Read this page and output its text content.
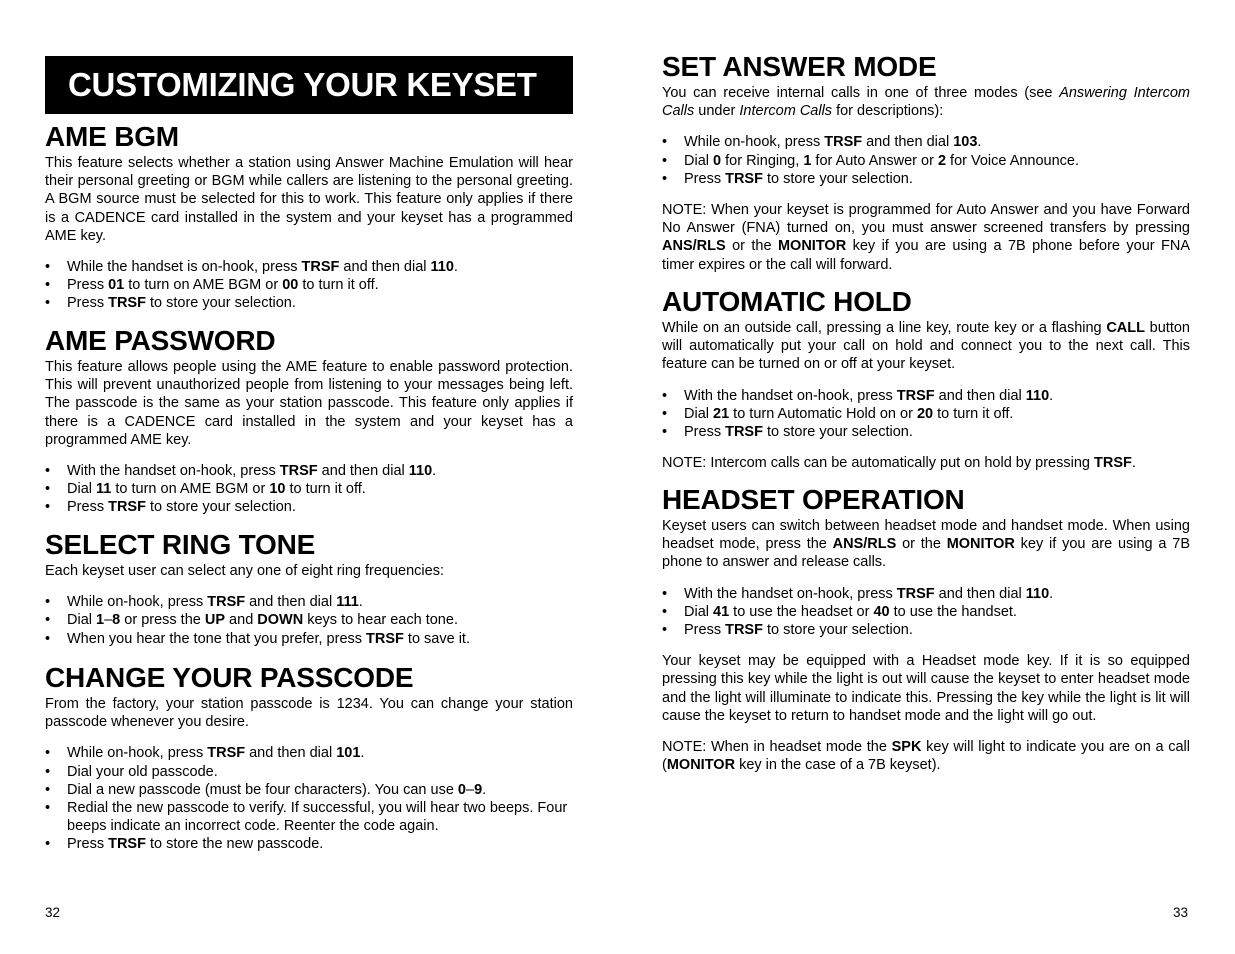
CUSTOMIZING YOUR KEYSET
AME BGM

This feature selects whether a station using Answer Machine Emulation will hear their personal greeting or BGM while callers are listening to the personal greeting. A BGM source must be selected for this to work. This feature only applies if there is a CADENCE card installed in the system and your keyset has a programmed AME key.

• While the handset is on-hook, press TRSF and then dial 110.
• Press 01 to turn on AME BGM or 00 to turn it off.
• Press TRSF to store your selection.
AME PASSWORD

This feature allows people using the AME feature to enable password protection. This will prevent unauthorized people from listening to your messages being left. The passcode is the same as your station passcode. This feature only applies if there is a CADENCE card installed in the system and your keyset has a programmed AME key.

• With the handset on-hook, press TRSF and then dial 110.
• Dial 11 to turn on AME BGM or 10 to turn it off.
• Press TRSF to store your selection.
SELECT RING TONE

Each keyset user can select any one of eight ring frequencies:

• While on-hook, press TRSF and then dial 111.
• Dial 1–8 or press the UP and DOWN keys to hear each tone.
• When you hear the tone that you prefer, press TRSF to save it.
CHANGE YOUR PASSCODE

From the factory, your station passcode is 1234. You can change your station passcode whenever you desire.

• While on-hook, press TRSF and then dial 101.
• Dial your old passcode.
• Dial a new passcode (must be four characters). You can use 0–9.
• Redial the new passcode to verify. If successful, you will hear two beeps. Four beeps indicate an incorrect code. Reenter the code again.
• Press TRSF to store the new passcode.
SET ANSWER MODE

You can receive internal calls in one of three modes (see Answering Intercom Calls under Intercom Calls for descriptions):

• While on-hook, press TRSF and then dial 103.
• Dial 0 for Ringing, 1 for Auto Answer or 2 for Voice Announce.
• Press TRSF to store your selection.

NOTE: When your keyset is programmed for Auto Answer and you have Forward No Answer (FNA) turned on, you must answer screened transfers by pressing ANS/RLS or the MONITOR key if you are using a 7B phone before your FNA timer expires or the call will forward.

AUTOMATIC HOLD

While on an outside call, pressing a line key, route key or a flashing CALL button will automatically put your call on hold and connect you to the next call. This feature can be turned on or off at your keyset.

• With the handset on-hook, press TRSF and then dial 110.
• Dial 21 to turn Automatic Hold on or 20 to turn it off.
• Press TRSF to store your selection.

NOTE: Intercom calls can be automatically put on hold by pressing TRSF.

HEADSET OPERATION

Keyset users can switch between headset mode and handset mode. When using headset mode, press the ANS/RLS or the MONITOR key if you are using a 7B phone to answer and release calls.

• With the handset on-hook, press TRSF and then dial 110.
• Dial 41 to use the headset or 40 to use the handset.
• Press TRSF to store your selection.

Your keyset may be equipped with a Headset mode key. If it is so equipped pressing this key while the light is out will cause the keyset to enter headset mode and the light will illuminate to indicate this. Pressing the key while the light is lit will cause the keyset to return to handset mode and the light will go out.

NOTE: When in headset mode the SPK key will light to indicate you are on a call (MONITOR key in the case of a 7B keyset).

32	33
